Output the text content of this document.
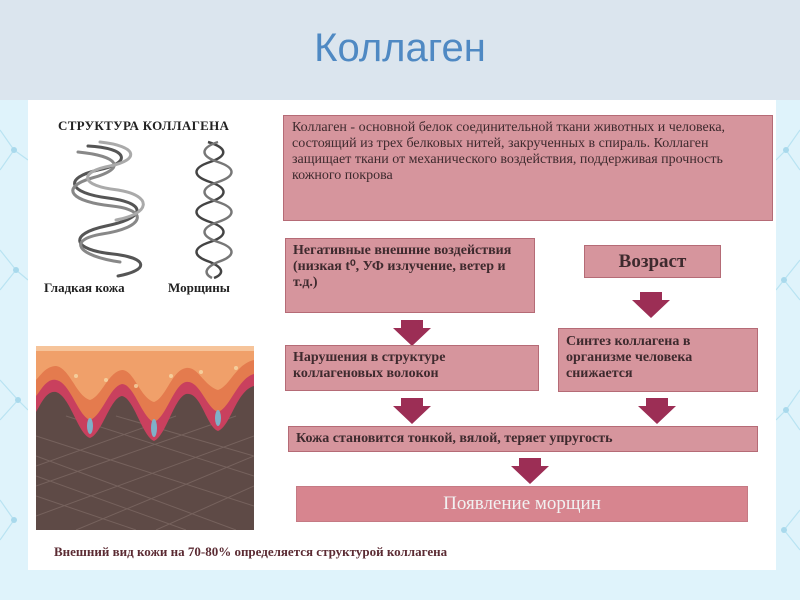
Коллаген
СТРУКТУРА КОЛЛАГЕНА
Гладкая кожа	Морщины
Коллаген - основной белок соединительной ткани животных и человека, состоящий из трех белковых нитей, закрученных в спираль. Коллаген защищает ткани от механического воздействия, поддерживая прочность кожного покрова
Негативные внешние воздействия (низкая t⁰, УФ излучение, ветер и т.д.)
Возраст
Нарушения в структуре коллагеновых волокон
Синтез коллагена в организме человека снижается
Кожа становится тонкой, вялой, теряет упругость
Появление морщин
Внешний вид кожи на 70-80% определяется структурой коллагена
